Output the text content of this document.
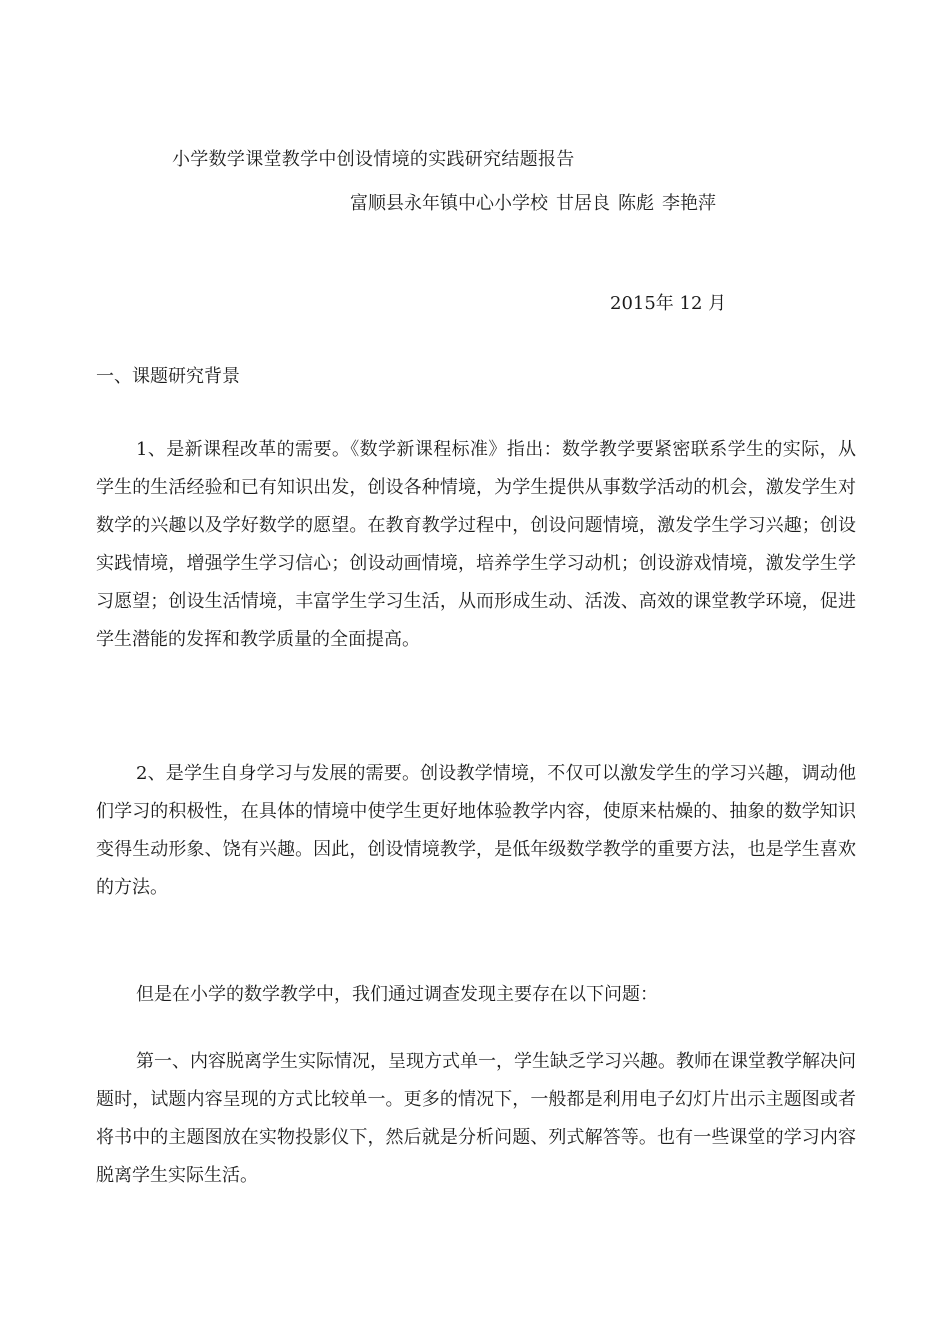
小学数学课堂教学中创设情境的实践研究结题报告
富顺县永年镇中心小学校 甘居良 陈彪 李艳萍
2015年 12 月
一、课题研究背景

1、是新课程改革的需要。《数学新课程标准》指出：数学教学要紧密联系学生的实际，从学生的生活经验和已有知识出发，创设各种情境，为学生提供从事数学活动的机会，激发学生对数学的兴趣以及学好数学的愿望。在教育教学过程中，创设问题情境，激发学生学习兴趣；创设实践情境，增强学生学习信心；创设动画情境，培养学生学习动机；创设游戏情境，激发学生学习愿望；创设生活情境，丰富学生学习生活，从而形成生动、活泼、高效的课堂教学环境，促进学生潜能的发挥和教学质量的全面提高。

2、是学生自身学习与发展的需要。创设教学情境，不仅可以激发学生的学习兴趣，调动他们学习的积极性，在具体的情境中使学生更好地体验教学内容，使原来枯燥的、抽象的数学知识变得生动形象、饶有兴趣。因此，创设情境教学，是低年级数学教学的重要方法，也是学生喜欢的方法。

但是在小学的数学教学中，我们通过调查发现主要存在以下问题：

第一、内容脱离学生实际情况，呈现方式单一，学生缺乏学习兴趣。教师在课堂教学解决问题时，试题内容呈现的方式比较单一。更多的情况下，一般都是利用电子幻灯片出示主题图或者将书中的主题图放在实物投影仪下，然后就是分析问题、列式解答等。也有一些课堂的学习内容脱离学生实际生活。
